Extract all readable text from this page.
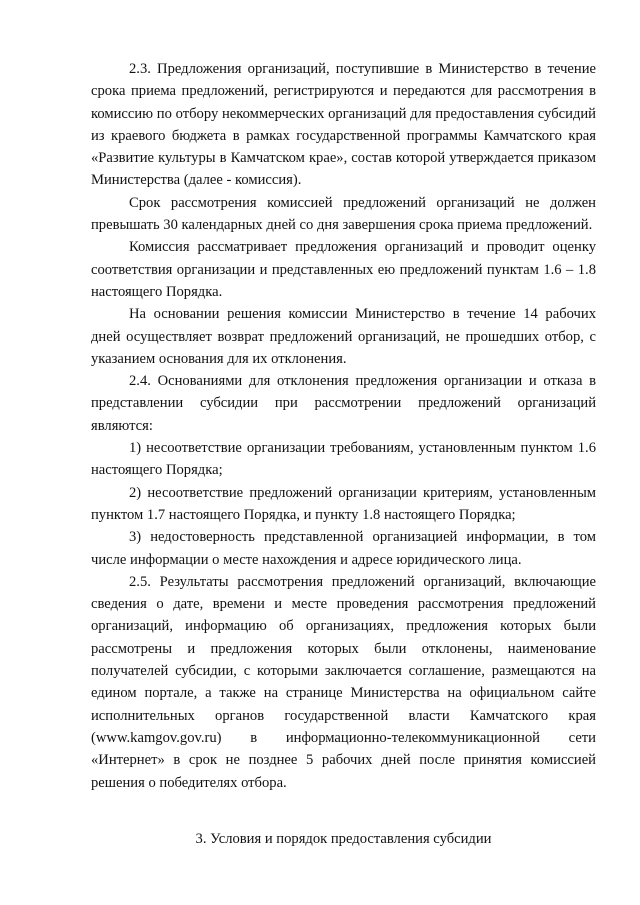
2.3. Предложения организаций, поступившие в Министерство в течение срока приема предложений, регистрируются и передаются для рассмотрения в комиссию по отбору некоммерческих организаций для предоставления субсидий из краевого бюджета в рамках государственной программы Камчатского края «Развитие культуры в Камчатском крае», состав которой утверждается приказом Министерства (далее - комиссия).

Срок рассмотрения комиссией предложений организаций не должен превышать 30 календарных дней со дня завершения срока приема предложений.

Комиссия рассматривает предложения организаций и проводит оценку соответствия организации и представленных ею предложений пунктам 1.6 – 1.8 настоящего Порядка.

На основании решения комиссии Министерство в течение 14 рабочих дней осуществляет возврат предложений организаций, не прошедших отбор, с указанием основания для их отклонения.

2.4. Основаниями для отклонения предложения организации и отказа в представлении субсидии при рассмотрении предложений организаций являются:

1) несоответствие организации требованиям, установленным пунктом 1.6 настоящего Порядка;

2) несоответствие предложений организации критериям, установленным пунктом 1.7 настоящего Порядка, и пункту 1.8 настоящего Порядка;

3) недостоверность представленной организацией информации, в том числе информации о месте нахождения и адресе юридического лица.

2.5. Результаты рассмотрения предложений организаций, включающие сведения о дате, времени и месте проведения рассмотрения предложений организаций, информацию об организациях, предложения которых были рассмотрены и предложения которых были отклонены, наименование получателей субсидии, с которыми заключается соглашение, размещаются на едином портале, а также на странице Министерства на официальном сайте исполнительных органов государственной власти Камчатского края (www.kamgov.gov.ru) в информационно-телекоммуникационной сети «Интернет» в срок не позднее 5 рабочих дней после принятия комиссией решения о победителях отбора.

3. Условия и порядок предоставления субсидии
